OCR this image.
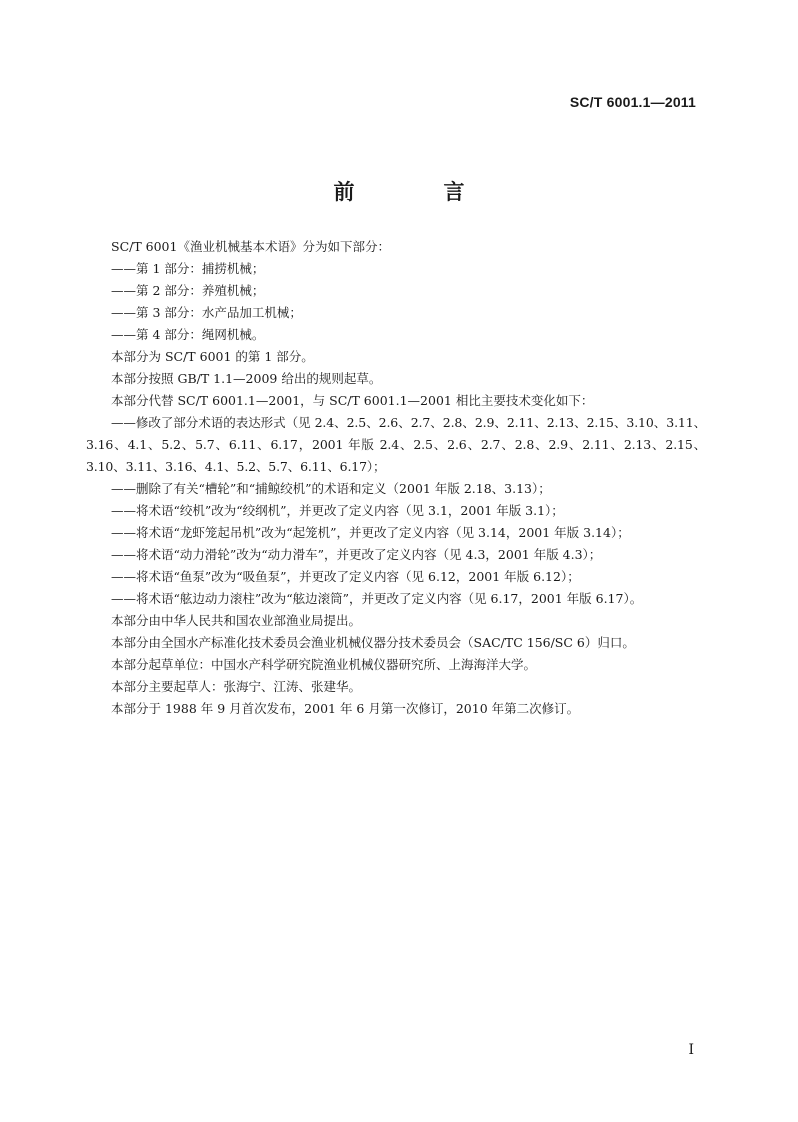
SC/T 6001.1—2011
前　言

SC/T 6001《渔业机械基本术语》分为如下部分：

——第 1 部分：捕捞机械；

——第 2 部分：养殖机械；

——第 3 部分：水产品加工机械；

——第 4 部分：绳网机械。

本部分为 SC/T 6001 的第 1 部分。

本部分按照 GB/T 1.1—2009 给出的规则起草。

本部分代替 SC/T 6001.1—2001，与 SC/T 6001.1—2001 相比主要技术变化如下：

——修改了部分术语的表达形式（见 2.4、2.5、2.6、2.7、2.8、2.9、2.11、2.13、2.15、3.10、3.11、3.16、4.1、5.2、5.7、6.11、6.17，2001 年版 2.4、2.5、2.6、2.7、2.8、2.9、2.11、2.13、2.15、3.10、3.11、3.16、4.1、5.2、5.7、6.11、6.17）；

——删除了有关“槽轮”和“捕鲸绞机”的术语和定义（2001 年版 2.18、3.13）；

——将术语“绞机”改为“绞纲机”，并更改了定义内容（见 3.1，2001 年版 3.1）；

——将术语“龙虾笼起吊机”改为“起笼机”，并更改了定义内容（见 3.14，2001 年版 3.14）；

——将术语“动力滑轮”改为“动力滑车”，并更改了定义内容（见 4.3，2001 年版 4.3）；

——将术语“鱼泵”改为“吸鱼泵”，并更改了定义内容（见 6.12，2001 年版 6.12）；

——将术语“舷边动力滚柱”改为“舷边滚筒”，并更改了定义内容（见 6.17，2001 年版 6.17）。

本部分由中华人民共和国农业部渔业局提出。

本部分由全国水产标准化技术委员会渔业机械仪器分技术委员会（SAC/TC 156/SC 6）归口。

本部分起草单位：中国水产科学研究院渔业机械仪器研究所、上海海洋大学。

本部分主要起草人：张海宁、江涛、张建华。

本部分于 1988 年 9 月首次发布，2001 年 6 月第一次修订，2010 年第二次修订。

I
